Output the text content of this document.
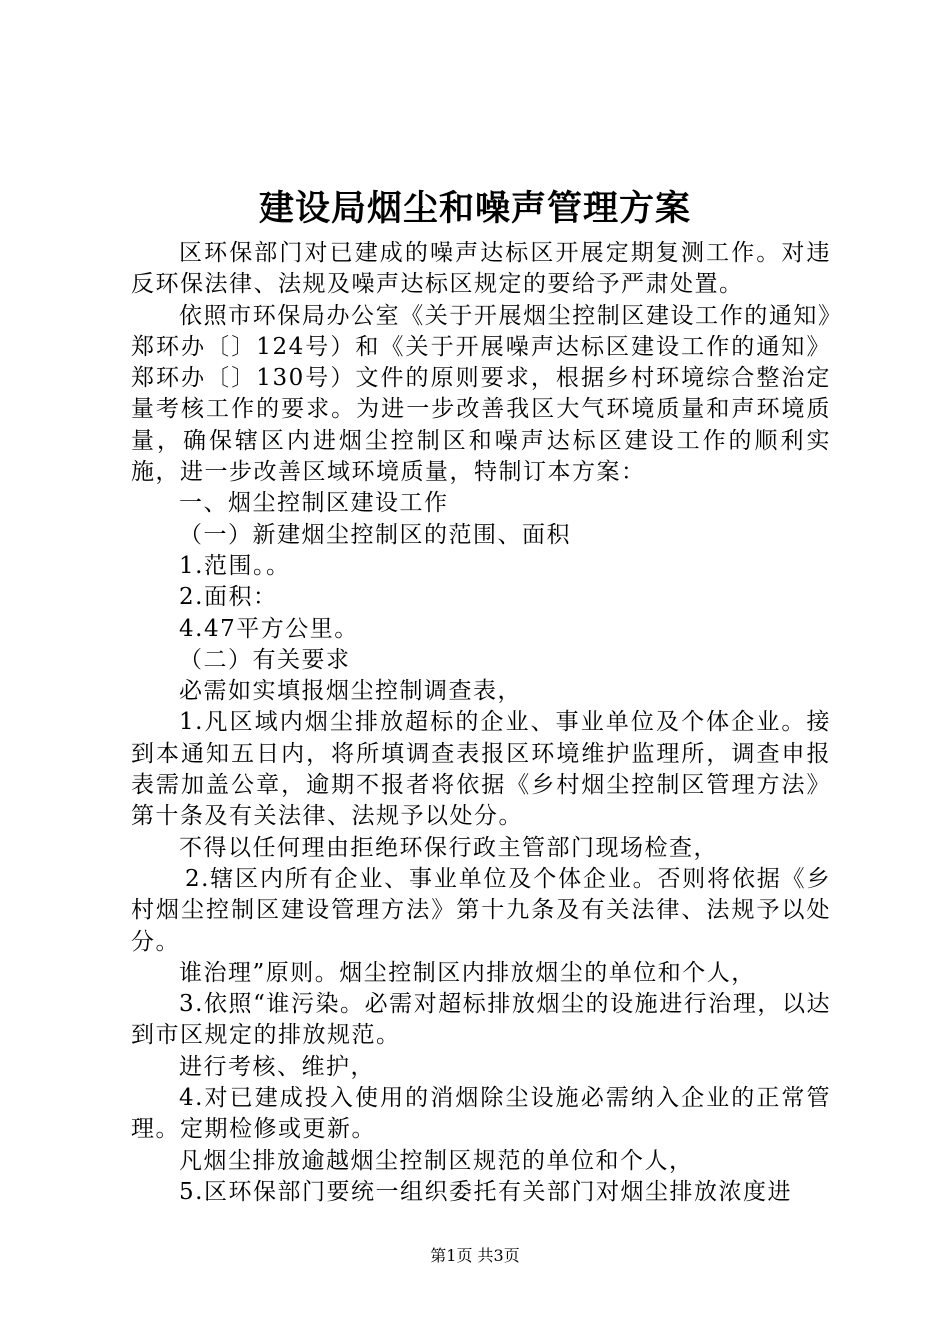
建设局烟尘和噪声管理方案

区环保部门对已建成的噪声达标区开展定期复测工作。对违反环保法律、法规及噪声达标区规定的要给予严肃处置。

依照市环保局办公室《关于开展烟尘控制区建设工作的通知》郑环办〔〕124号）和《关于开展噪声达标区建设工作的通知》郑环办〔〕130号）文件的原则要求，根据乡村环境综合整治定量考核工作的要求。为进一步改善我区大气环境质量和声环境质量，确保辖区内进烟尘控制区和噪声达标区建设工作的顺利实施，进一步改善区域环境质量，特制订本方案：

一、烟尘控制区建设工作

（一）新建烟尘控制区的范围、面积

1.范围。。

2.面积：

4.47平方公里。

（二）有关要求

必需如实填报烟尘控制调查表，

1.凡区域内烟尘排放超标的企业、事业单位及个体企业。接到本通知五日内，将所填调查表报区环境维护监理所，调查申报表需加盖公章，逾期不报者将依据《乡村烟尘控制区管理方法》第十条及有关法律、法规予以处分。

不得以任何理由拒绝环保行政主管部门现场检查，

2.辖区内所有企业、事业单位及个体企业。否则将依据《乡村烟尘控制区建设管理方法》第十九条及有关法律、法规予以处分。

谁治理”原则。烟尘控制区内排放烟尘的单位和个人，

3.依照“谁污染。必需对超标排放烟尘的设施进行治理，以达到市区规定的排放规范。

进行考核、维护，

4.对已建成投入使用的消烟除尘设施必需纳入企业的正常管理。定期检修或更新。

凡烟尘排放逾越烟尘控制区规范的单位和个人，

5.区环保部门要统一组织委托有关部门对烟尘排放浓度进

第1页 共3页
